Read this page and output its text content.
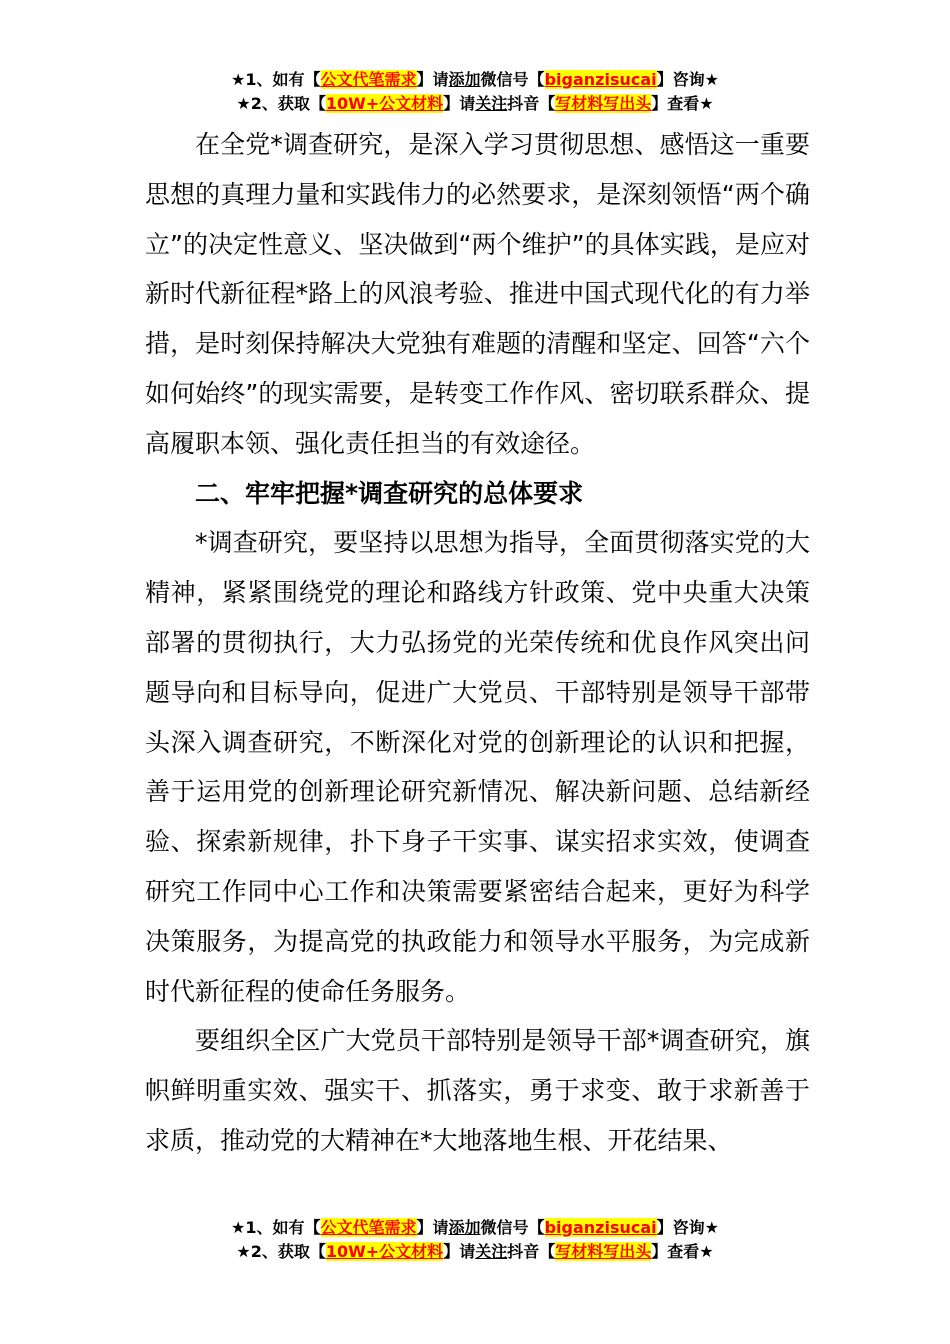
★1、如有【公文代笔需求】请添加微信号【biganzisucai】咨询★
★2、获取【10W+公文材料】请关注抖音【写材料写出头】查看★

在全党*调查研究，是深入学习贯彻思想、感悟这一重要思想的真理力量和实践伟力的必然要求，是深刻领悟“两个确立”的决定性意义、坚决做到“两个维护”的具体实践，是应对新时代新征程*路上的风浪考验、推进中国式现代化的有力举措，是时刻保持解决大党独有难题的清醒和坚定、回答“六个如何始终”的现实需要，是转变工作作风、密切联系群众、提高履职本领、强化责任担当的有效途径。

二、牢牢把握*调查研究的总体要求

*调查研究，要坚持以思想为指导，全面贯彻落实党的大精神，紧紧围绕党的理论和路线方针政策、党中央重大决策部署的贯彻执行，大力弘扬党的光荣传统和优良作风突出问题导向和目标导向，促进广大党员、干部特别是领导干部带头深入调查研究，不断深化对党的创新理论的认识和把握，善于运用党的创新理论研究新情况、解决新问题、总结新经验、探索新规律，扑下身子干实事、谋实招求实效，使调查研究工作同中心工作和决策需要紧密结合起来，更好为科学决策服务，为提高党的执政能力和领导水平服务，为完成新时代新征程的使命任务服务。

要组织全区广大党员干部特别是领导干部*调查研究，旗帜鲜明重实效、强实干、抓落实，勇于求变、敢于求新善于求质，推动党的大精神在*大地落地生根、开花结果、

★1、如有【公文代笔需求】请添加微信号【biganzisucai】咨询★
★2、获取【10W+公文材料】请关注抖音【写材料写出头】查看★
